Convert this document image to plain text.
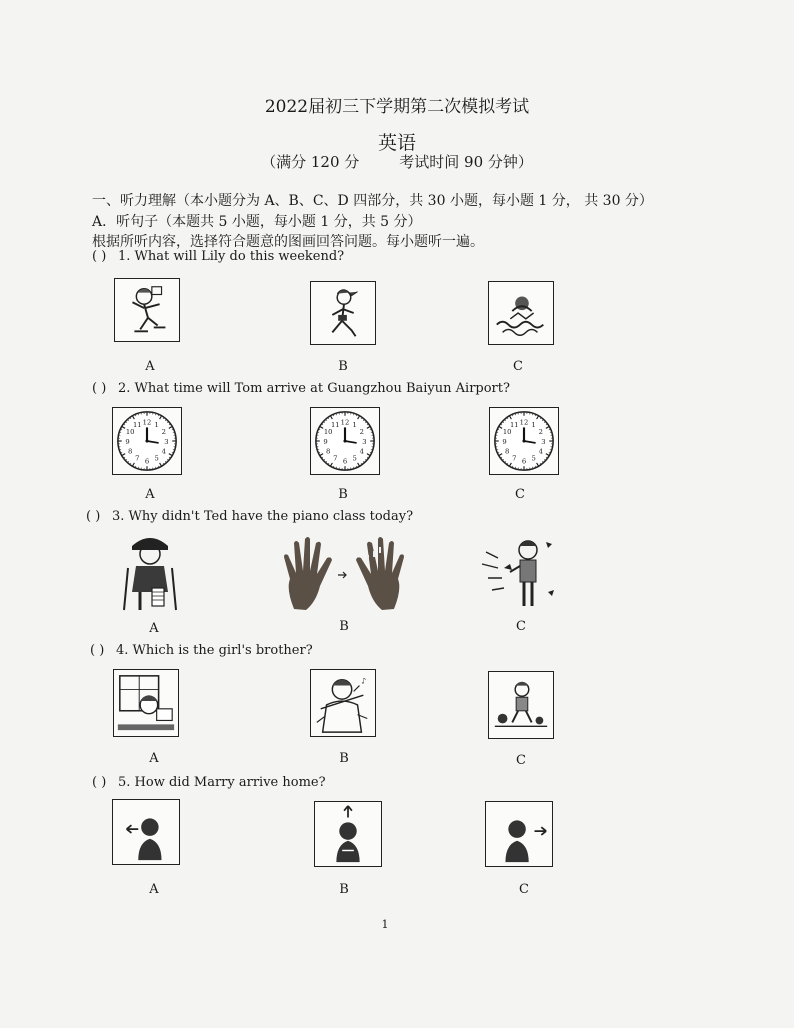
2022届初三下学期第二次模拟考试
英语
（满分 120 分	考试时间 90 分钟）
一、听力理解（本小题分为 A、B、C、D 四部分，共 30 小题，每小题 1 分， 共 30 分）
A．听句子（本题共 5 小题，每小题 1 分，共 5 分）
根据所听内容，选择符合题意的图画回答问题。每小题听一遍。
( ) 1. What will Lily do this weekend?
A	B	C
( ) 2. What time will Tom arrive at Guangzhou Baiyun Airport?
12 1
2
3
4
5
6
7
8
9
10
11	12 1
2
3
4
5
6
7
8
9
10
11	12 1
2
3
4
5
6
7
8
9
10
11
A	B	C
( ) 3. Why didn't Ted have the piano class today?
A	B	C
( ) 4. Which is the girl's brother?
♪
A	B	C
( ) 5. How did Marry arrive home?
A	B	C
1
